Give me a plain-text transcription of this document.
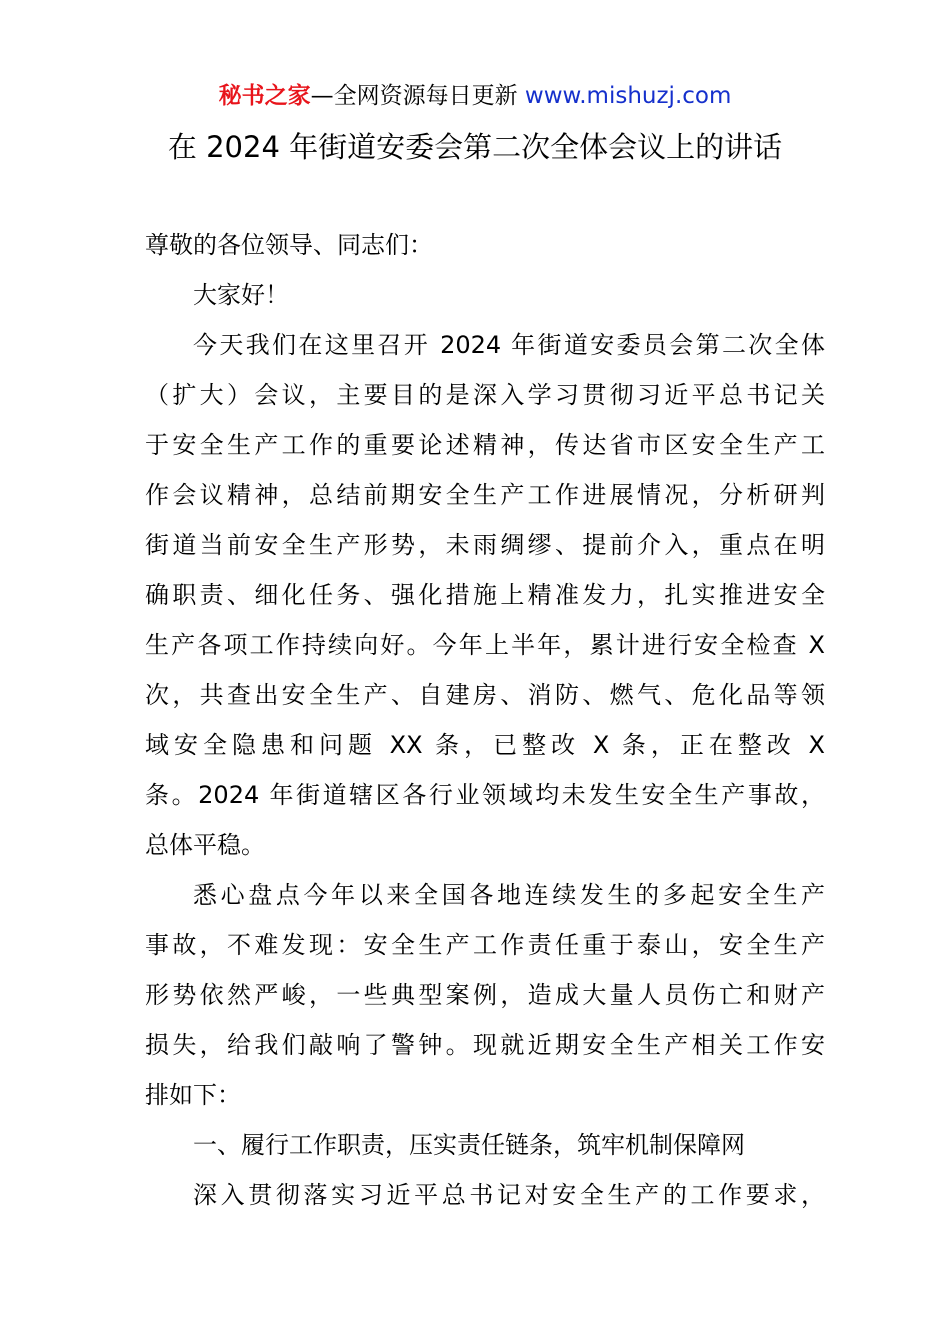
秘书之家—全网资源每日更新 www.mishuzj.com
在 2024 年街道安委会第二次全体会议上的讲话
尊敬的各位领导、同志们：
大家好！
今天我们在这里召开 2024 年街道安委员会第二次全体
（扩大）会议，主要目的是深入学习贯彻习近平总书记关
于安全生产工作的重要论述精神，传达省市区安全生产工
作会议精神，总结前期安全生产工作进展情况，分析研判
街道当前安全生产形势，未雨绸缪、提前介入，重点在明
确职责、细化任务、强化措施上精准发力，扎实推进安全
生产各项工作持续向好。今年上半年，累计进行安全检查 X
次，共查出安全生产、自建房、消防、燃气、危化品等领
域安全隐患和问题 XX 条，已整改 X 条，正在整改 X
条。2024 年街道辖区各行业领域均未发生安全生产事故，
总体平稳。
悉心盘点今年以来全国各地连续发生的多起安全生产
事故，不难发现：安全生产工作责任重于泰山，安全生产
形势依然严峻，一些典型案例，造成大量人员伤亡和财产
损失，给我们敲响了警钟。现就近期安全生产相关工作安
排如下：
一、履行工作职责，压实责任链条，筑牢机制保障网
深入贯彻落实习近平总书记对安全生产的工作要求，
